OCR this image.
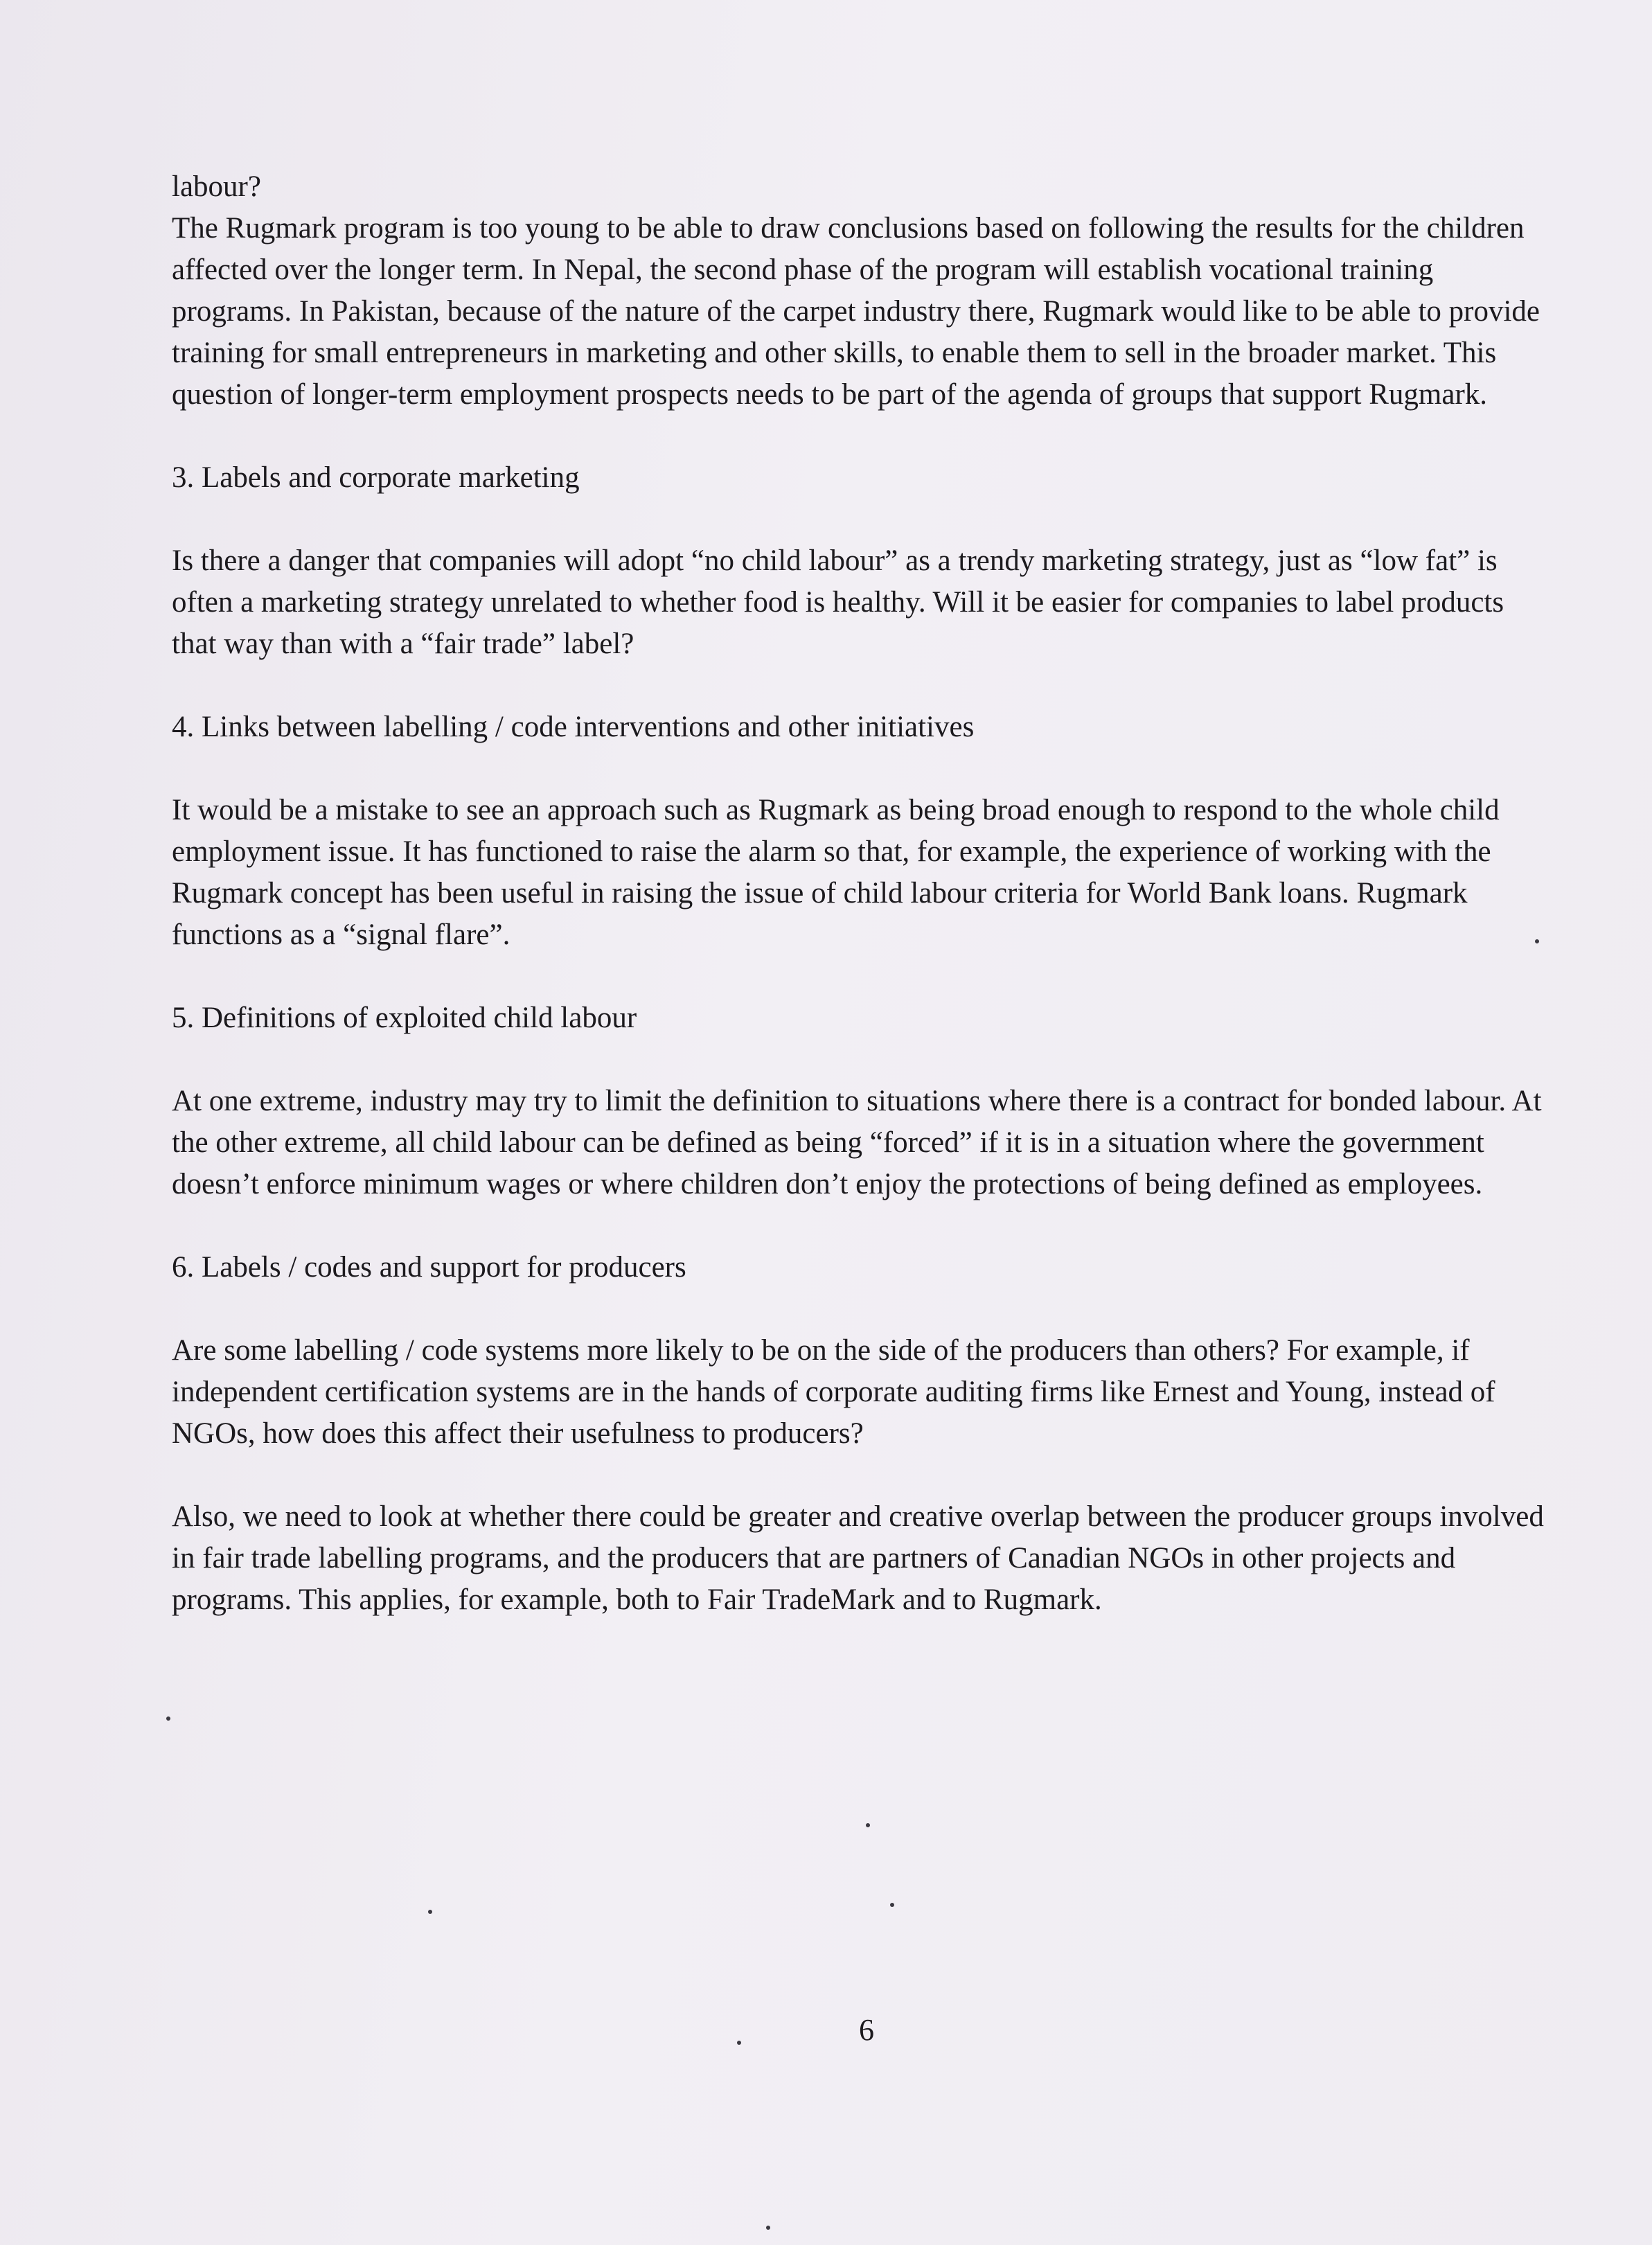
labour?

The Rugmark program is too young to be able to draw conclusions based on following the results for the children affected over the longer term. In Nepal, the second phase of the program will establish vocational training programs. In Pakistan, because of the nature of the carpet industry there, Rugmark would like to be able to provide training for small entrepreneurs in marketing and other skills, to enable them to sell in the broader market. This question of longer-term employment prospects needs to be part of the agenda of groups that support Rugmark.

3. Labels and corporate marketing

Is there a danger that companies will adopt “no child labour” as a trendy marketing strategy, just as “low fat” is often a marketing strategy unrelated to whether food is healthy. Will it be easier for companies to label products that way than with a “fair trade” label?

4. Links between labelling / code interventions and other initiatives

It would be a mistake to see an approach such as Rugmark as being broad enough to respond to the whole child employment issue. It has functioned to raise the alarm so that, for example, the experience of working with the Rugmark concept has been useful in raising the issue of child labour criteria for World Bank loans. Rugmark functions as a “signal flare”.

5. Definitions of exploited child labour

At one extreme, industry may try to limit the definition to situations where there is a contract for bonded labour. At the other extreme, all child labour can be defined as being “forced” if it is in a situation where the government doesn’t enforce minimum wages or where children don’t enjoy the protections of being defined as employees.

6. Labels / codes and support for producers

Are some labelling / code systems more likely to be on the side of the producers than others? For example, if independent certification systems are in the hands of corporate auditing firms like Ernest and Young, instead of NGOs, how does this affect their usefulness to producers?

Also, we need to look at whether there could be greater and creative overlap between the producer groups involved in fair trade labelling programs, and the producers that are partners of Canadian NGOs in other projects and programs. This applies, for example, both to Fair TradeMark and to Rugmark.

6
